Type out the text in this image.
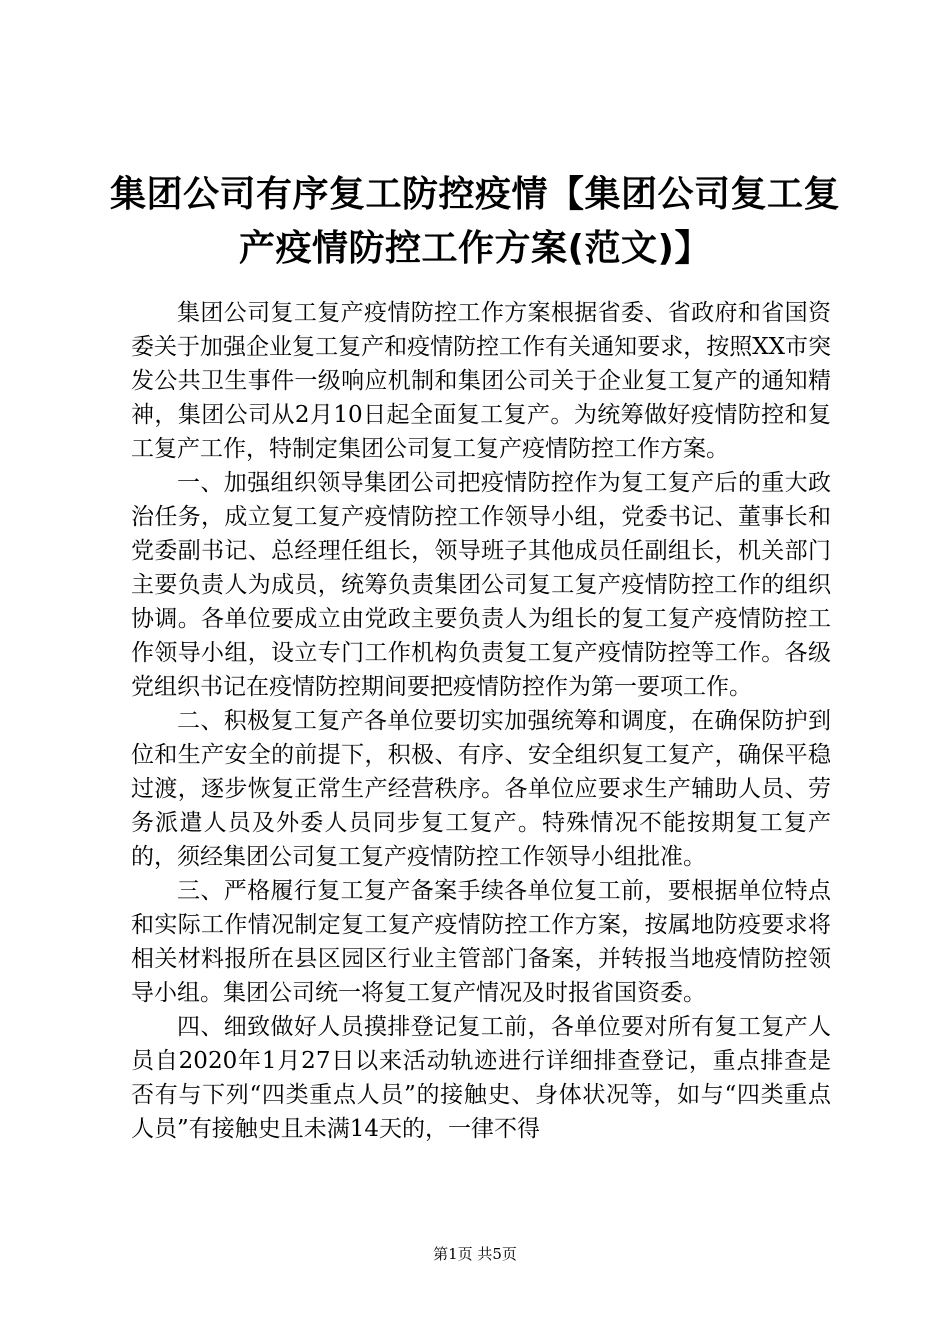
集团公司有序复工防控疫情【集团公司复工复产疫情防控工作方案(范文)】

集团公司复工复产疫情防控工作方案根据省委、省政府和省国资委关于加强企业复工复产和疫情防控工作有关通知要求，按照XX市突发公共卫生事件一级响应机制和集团公司关于企业复工复产的通知精神，集团公司从2月10日起全面复工复产。为统筹做好疫情防控和复工复产工作，特制定集团公司复工复产疫情防控工作方案。

一、加强组织领导集团公司把疫情防控作为复工复产后的重大政治任务，成立复工复产疫情防控工作领导小组，党委书记、董事长和党委副书记、总经理任组长，领导班子其他成员任副组长，机关部门主要负责人为成员，统筹负责集团公司复工复产疫情防控工作的组织协调。各单位要成立由党政主要负责人为组长的复工复产疫情防控工作领导小组，设立专门工作机构负责复工复产疫情防控等工作。各级党组织书记在疫情防控期间要把疫情防控作为第一要项工作。

二、积极复工复产各单位要切实加强统筹和调度，在确保防护到位和生产安全的前提下，积极、有序、安全组织复工复产，确保平稳过渡，逐步恢复正常生产经营秩序。各单位应要求生产辅助人员、劳务派遣人员及外委人员同步复工复产。特殊情况不能按期复工复产的，须经集团公司复工复产疫情防控工作领导小组批准。

三、严格履行复工复产备案手续各单位复工前，要根据单位特点和实际工作情况制定复工复产疫情防控工作方案，按属地防疫要求将相关材料报所在县区园区行业主管部门备案，并转报当地疫情防控领导小组。集团公司统一将复工复产情况及时报省国资委。

四、细致做好人员摸排登记复工前，各单位要对所有复工复产人员自2020年1月27日以来活动轨迹进行详细排查登记，重点排查是否有与下列“四类重点人员”的接触史、身体状况等，如与“四类重点人员”有接触史且未满14天的，一律不得

第1页 共5页
